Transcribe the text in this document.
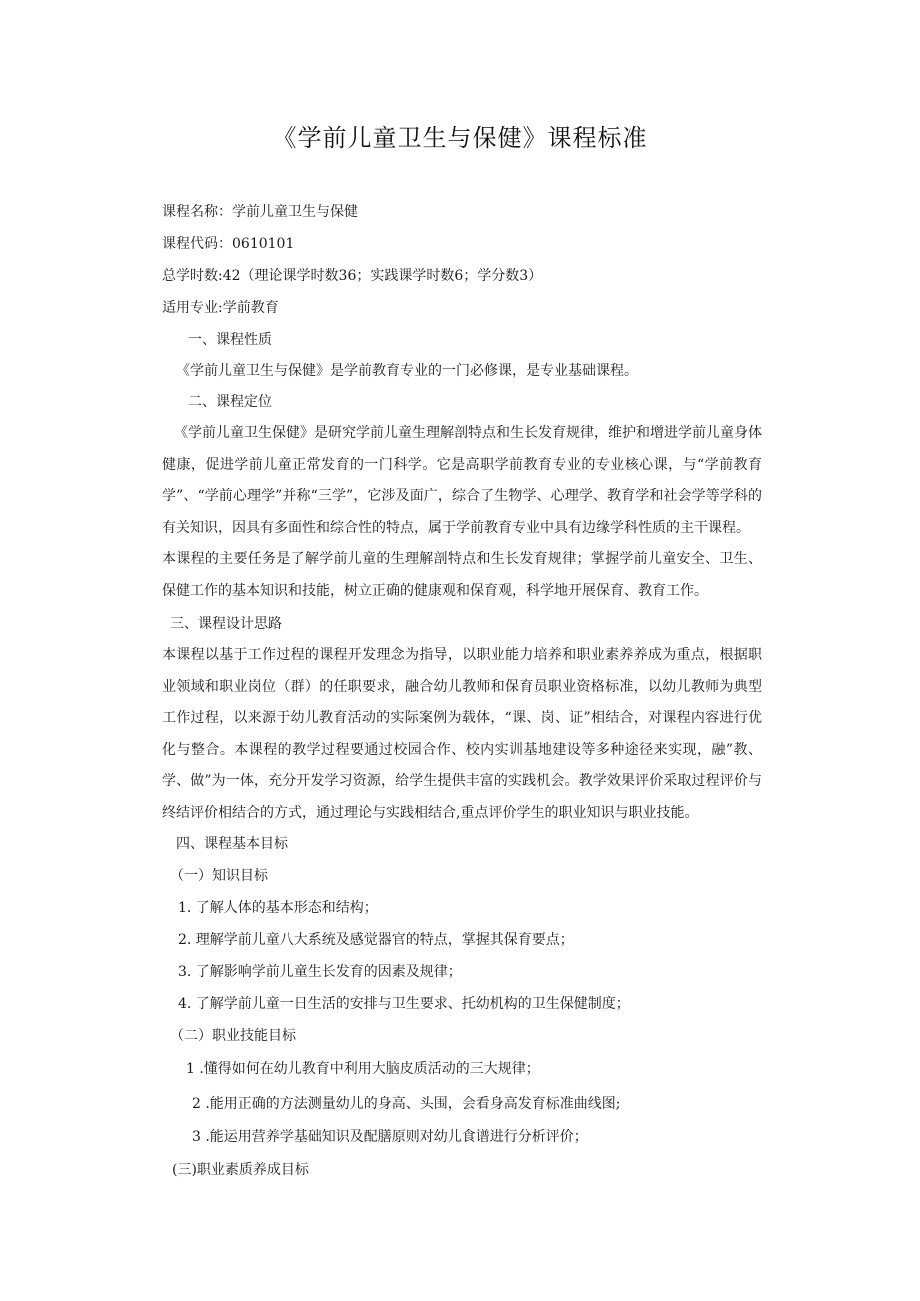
《学前儿童卫生与保健》课程标准
课程名称：学前儿童卫生与保健
课程代码：0610101
总学时数:42（理论课学时数36；实践课学时数6；学分数3）
适用专业:学前教育
一、课程性质
《学前儿童卫生与保健》是学前教育专业的一门必修课，是专业基础课程。
二、课程定位

《学前儿童卫生保健》是研究学前儿童生理解剖特点和生长发育规律，维护和增进学前儿童身体健康，促进学前儿童正常发育的一门科学。它是高职学前教育专业的专业核心课，与“学前教育学”、“学前心理学”并称“三学”，它涉及面广，综合了生物学、心理学、教育学和社会学等学科的有关知识，因具有多面性和综合性的特点，属于学前教育专业中具有边缘学科性质的主干课程。

本课程的主要任务是了解学前儿童的生理解剖特点和生长发育规律；掌握学前儿童安全、卫生、保健工作的基本知识和技能，树立正确的健康观和保育观，科学地开展保育、教育工作。

三、课程设计思路

本课程以基于工作过程的课程开发理念为指导，以职业能力培养和职业素养养成为重点，根据职业领域和职业岗位（群）的任职要求，融合幼儿教师和保育员职业资格标准，以幼儿教师为典型工作过程，以来源于幼儿教育活动的实际案例为载体，“课、岗、证”相结合，对课程内容进行优化与整合。本课程的教学过程要通过校园合作、校内实训基地建设等多种途径来实现，融”教、学、做”为一体，充分开发学习资源，给学生提供丰富的实践机会。教学效果评价采取过程评价与终结评价相结合的方式，通过理论与实践相结合,重点评价学生的职业知识与职业技能。

四、课程基本目标
（一）知识目标
1. 了解人体的基本形态和结构；
2. 理解学前儿童八大系统及感觉器官的特点，掌握其保育要点；
3. 了解影响学前儿童生长发育的因素及规律；
4. 了解学前儿童一日生活的安排与卫生要求、托幼机构的卫生保健制度；
（二）职业技能目标
1 .懂得如何在幼儿教育中利用大脑皮质活动的三大规律；
2 .能用正确的方法测量幼儿的身高、头围，会看身高发育标准曲线图;
3 .能运用营养学基础知识及配膳原则对幼儿食谱进行分析评价；
(三)职业素质养成目标
